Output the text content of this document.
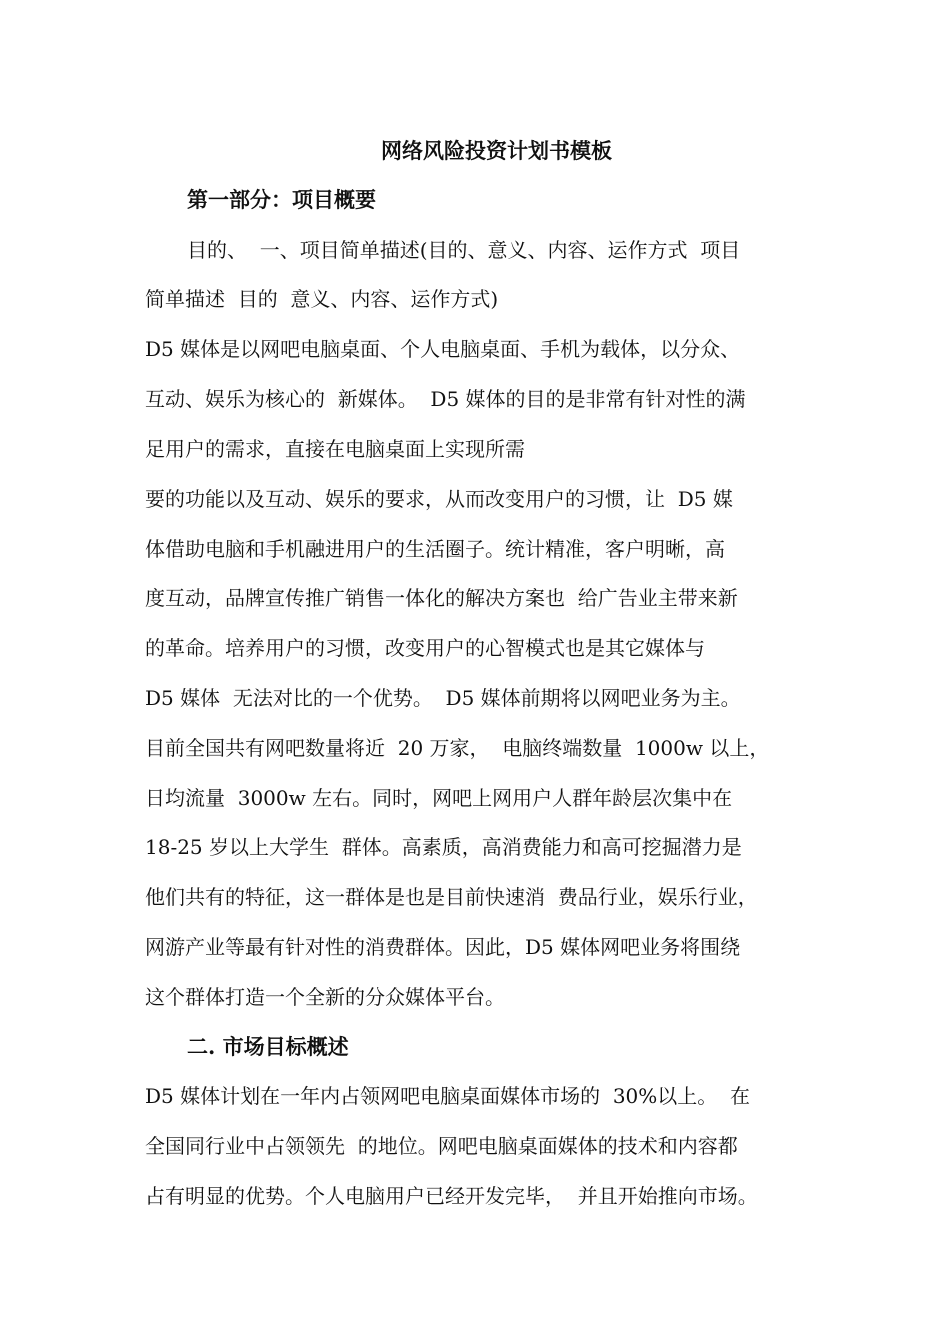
网络风险投资计划书模板
第一部分：项目概要
目的、  一、项目简单描述(目的、意义、内容、运作方式  项目
简单描述  目的  意义、内容、运作方式)
D5 媒体是以网吧电脑桌面、个人电脑桌面、手机为载体，以分众、
互动、娱乐为核心的  新媒体。  D5 媒体的目的是非常有针对性的满
足用户的需求，直接在电脑桌面上实现所需
要的功能以及互动、娱乐的要求，从而改变用户的习惯，让  D5 媒
体借助电脑和手机融进用户的生活圈子。统计精准，客户明晰，高
度互动，品牌宣传推广销售一体化的解决方案也  给广告业主带来新
的革命。培养用户的习惯，改变用户的心智模式也是其它媒体与
D5 媒体  无法对比的一个优势。  D5 媒体前期将以网吧业务为主。
目前全国共有网吧数量将近  20 万家，  电脑终端数量  1000w 以上，
日均流量  3000w 左右。同时，网吧上网用户人群年龄层次集中在
18-25 岁以上大学生  群体。高素质，高消费能力和高可挖掘潜力是
他们共有的特征，这一群体是也是目前快速消  费品行业，娱乐行业，
网游产业等最有针对性的消费群体。因此，D5 媒体网吧业务将围绕
这个群体打造一个全新的分众媒体平台。
二. 市场目标概述
D5 媒体计划在一年内占领网吧电脑桌面媒体市场的  30%以上。  在
全国同行业中占领领先  的地位。网吧电脑桌面媒体的技术和内容都
占有明显的优势。个人电脑用户已经开发完毕，  并且开始推向市场。
